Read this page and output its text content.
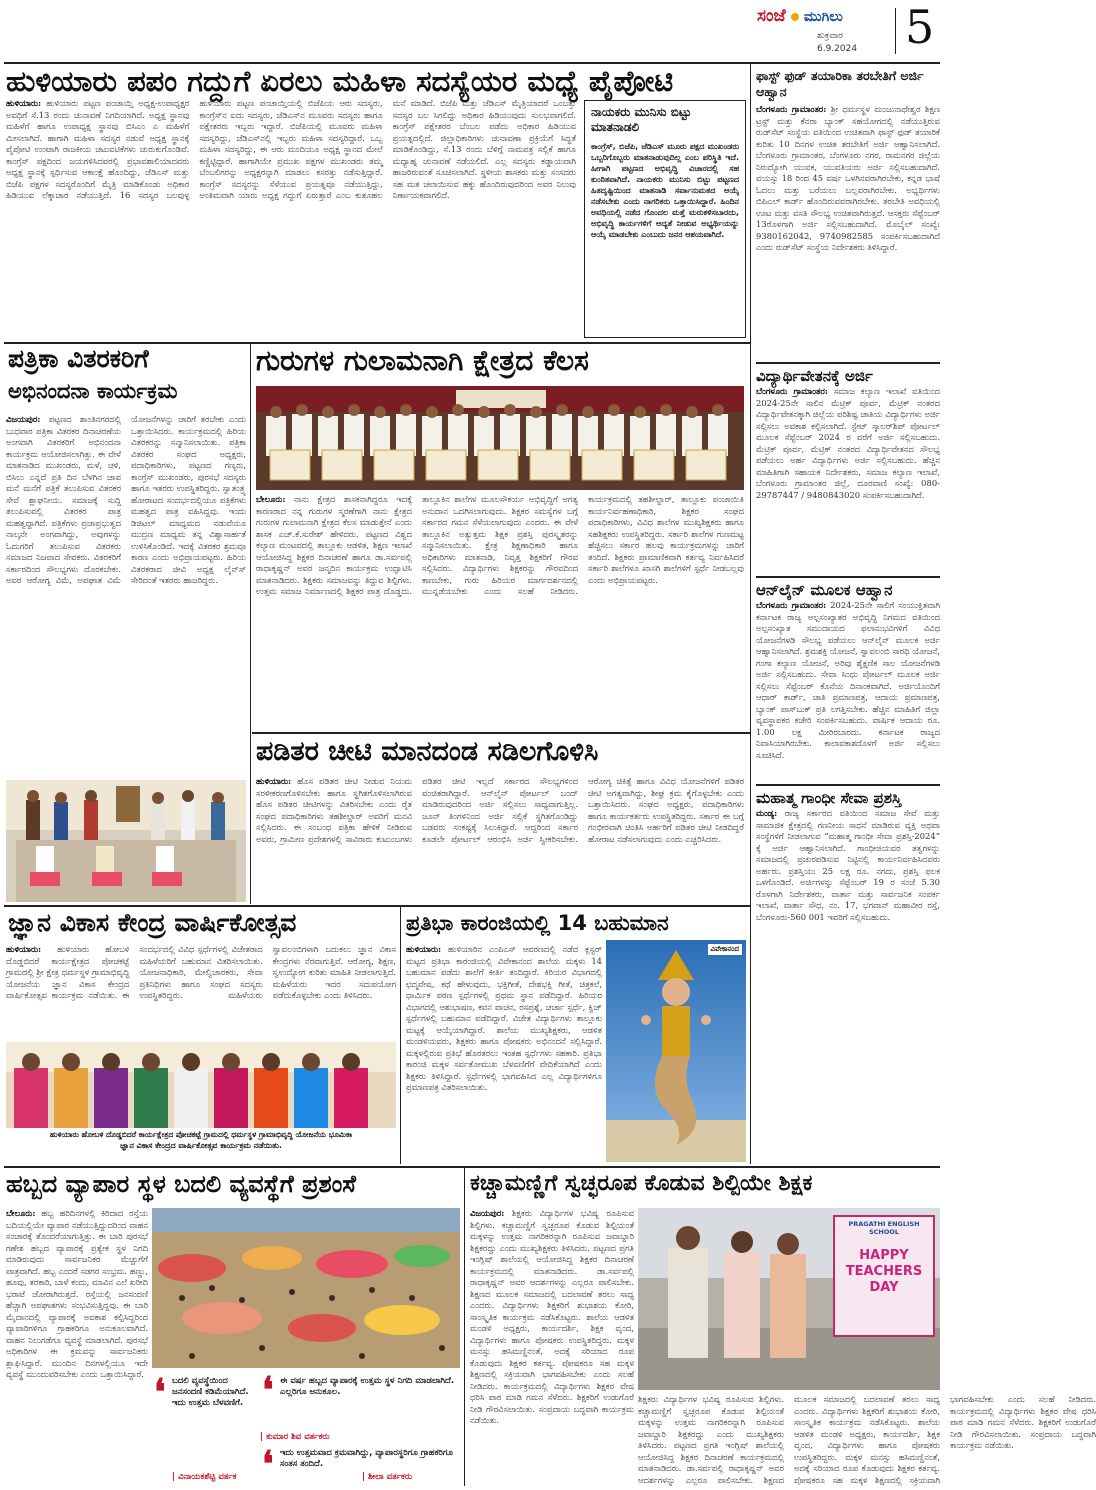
ಸಂಜೆ ಮುಗಿಲು
ಶುಕ್ರವಾರ
6.9.2024 5
ಹುಳಿಯಾರು ಪಪಂ ಗದ್ದುಗೆ ಏರಲು ಮಹಿಳಾ ಸದಸ್ಯೆಯರ ಮಧ್ಯೆ ಪೈಪೋಟಿ
ಹುಳಿಯಾರು: ಹುಳಿಯಾರು ಪಟ್ಟಣ ಪಂಚಾಯ್ತಿ ಅಧ್ಯಕ್ಷ-ಉಪಾಧ್ಯಕ್ಷರ ಅವಧಿಗೆ ಸೆ.13 ರಂದು ಚುನಾವಣೆ ನಿಗದಿಯಾಗಿದೆ. ಅಧ್ಯಕ್ಷ ಸ್ಥಾನವು ಮಹಿಳೆಗೆ ಹಾಗೂ ಉಪಾಧ್ಯಕ್ಷ ಸ್ಥಾನವು ಬಿಸಿಎಂ ಎ ಮಹಿಳೆಗೆ ಮೀಸಲಾಗಿದೆ. ಹಾಗಾಗಿ ಮಹಿಳಾ ಸದಸ್ಯರ ನಡುವೆ ಅಧ್ಯಕ್ಷ ಸ್ಥಾನಕ್ಕೆ ಪೈಪೋಟಿ ಉಂಟಾಗಿ ರಾಜಕೀಯ ಚಟುವಟಿಕೆಗಳು ಚುರುಕುಗೊಂಡಿವೆ. ಕಾಂಗ್ರೆಸ್ ಪಕ್ಷದಿಂದ ಜಯಗಳಿಸಿದವರಲ್ಲಿ ಪ್ರಭಾವಶಾಲಿಯಾದವರು ಅಧ್ಯಕ್ಷ ಸ್ಥಾನಕ್ಕೆ ಸ್ಪರ್ಧಿಸುವ ಆಕಾಂಕ್ಷೆ ಹೊಂದಿದ್ದು, ಜೆಡಿಎಸ್ ಮತ್ತು ಬಿಜೆಪಿ ಪಕ್ಷಗಳ ಸದಸ್ಯರೊಂದಿಗೆ ಮೈತ್ರಿ ಮಾಡಿಕೊಂಡು ಅಧಿಕಾರ ಹಿಡಿಯುವ ಲೆಕ್ಕಾಚಾರ ನಡೆಯುತ್ತಿದೆ. 16 ಸದಸ್ಯರ ಬಲವುಳ್ಳ ಹುಳಿಯಾರು ಪಟ್ಟಣ ಪಂಚಾಯ್ತಿಯಲ್ಲಿ ಬಿಜೆಪಿಯ ಆರು ಸದಸ್ಯರು, ಕಾಂಗ್ರೆಸ್‌ನ ಐದು ಸದಸ್ಯರು, ಜೆಡಿಎಸ್‌ನ ಮೂವರು ಸದಸ್ಯರು ಹಾಗೂ ಪಕ್ಷೇತರರು ಇಬ್ಬರು ಇದ್ದಾರೆ. ಬಿಜೆಪಿಯಲ್ಲಿ ಮೂವರು ಮಹಿಳಾ ಸದಸ್ಯರಿದ್ದು, ಜೆಡಿಎಸ್‌ನಲ್ಲಿ ಇಬ್ಬರು ಮಹಿಳಾ ಸದಸ್ಯರಿದ್ದಾರೆ. ಒಬ್ಬ ಮಹಿಳಾ ಸದಸ್ಯರಿದ್ದು, ಈ ಆರು ಮಂದಿಯೂ ಅಧ್ಯಕ್ಷ ಸ್ಥಾನದ ಮೇಲೆ ಕಣ್ಣಿಟ್ಟಿದ್ದಾರೆ. ಹಾಗಾಗಿಯೇ ಪ್ರಮುಖ ಪಕ್ಷಗಳ ಮುಖಂಡರು ತಮ್ಮ ಬೆಂಬಲಿಗರನ್ನು ಅಧ್ಯಕ್ಷರನ್ನಾಗಿ ಮಾಡಲು ಕಸರತ್ತು ನಡೆಸುತ್ತಿದ್ದಾರೆ. ಕಾಂಗ್ರೆಸ್ ಸದಸ್ಯರನ್ನು ಸೆಳೆಯುವ ಪ್ರಯತ್ನವೂ ನಡೆಯುತ್ತಿದ್ದು, ಅಂತಿಮವಾಗಿ ಯಾರು ಅಧ್ಯಕ್ಷ ಗದ್ದುಗೆ ಏರುತ್ತಾರೆ ಎಂಬ ಕುತೂಹಲ ಮನೆ ಮಾಡಿದೆ. ಬಿಜೆಪಿ ಮತ್ತು ಜೆಡಿಎಸ್ ಮೈತ್ರಿಯಾದರೆ ಒಂಬತ್ತು ಸದಸ್ಯರ ಬಲ ಸಿಗಲಿದ್ದು ಅಧಿಕಾರ ಹಿಡಿಯುವುದು ಸುಲಭವಾಗಲಿದೆ. ಕಾಂಗ್ರೆಸ್ ಪಕ್ಷೇತರರ ಬೆಂಬಲ ಪಡೆದು ಅಧಿಕಾರ ಹಿಡಿಯುವ ಪ್ರಯತ್ನದಲ್ಲಿದೆ. ಜಿಲ್ಲಾಧಿಕಾರಿಗಳು ಚುನಾವಣಾ ಪ್ರಕ್ರಿಯೆಗೆ ಸಿದ್ಧತೆ ಮಾಡಿಕೊಂಡಿದ್ದು, ಸೆ.13 ರಂದು ಬೆಳಿಗ್ಗೆ ನಾಮಪತ್ರ ಸಲ್ಲಿಕೆ ಹಾಗೂ ಮಧ್ಯಾಹ್ನ ಚುನಾವಣೆ ನಡೆಯಲಿದೆ. ಎಲ್ಲ ಸದಸ್ಯರು ಕಡ್ಡಾಯವಾಗಿ ಹಾಜರಿರುವಂತೆ ಸೂಚಿಸಲಾಗಿದೆ. ಸ್ಥಳೀಯ ಶಾಸಕರು ಮತ್ತು ಸಂಸದರು ಸಹ ಮತ ಚಲಾಯಿಸುವ ಹಕ್ಕು ಹೊಂದಿರುವುದರಿಂದ ಅವರ ನಿಲುವು ನಿರ್ಣಾಯಕವಾಗಲಿದೆ.
ನಾಯಕರು ಮುನಿಸು ಬಿಟ್ಟು ಮಾತನಾಡಲಿ
ಕಾಂಗ್ರೆಸ್, ಬಿಜೆಪಿ, ಜೆಡಿಎಸ್ ಮೂರು ಪಕ್ಷದ ಮುಖಂಡರು ಒಬ್ಬರಿಗೊಬ್ಬರು ಮಾತನಾಡುವುದಿಲ್ಲ ಎಂಬ ಪರಿಸ್ಥಿತಿ ಇದೆ. ಹೀಗಾಗಿ ಪಟ್ಟಣದ ಅಭಿವೃದ್ಧಿ ವಿಚಾರದಲ್ಲಿ ಸಹ ಕುಂಠಿತವಾಗಿದೆ. ನಾಯಕರು ಮುನಿಸು ಬಿಟ್ಟು ಪಟ್ಟಣದ ಹಿತದೃಷ್ಟಿಯಿಂದ ಮಾತನಾಡಿ ಸರ್ವಾನುಮತದ ಆಯ್ಕೆ ನಡೆಸಬೇಕು ಎಂದು ನಾಗರಿಕರು ಒತ್ತಾಯಿಸಿದ್ದಾರೆ. ಹಿಂದಿನ ಅವಧಿಯಲ್ಲಿ ನಡೆದ ಗೊಂದಲ ಮತ್ತೆ ಮರುಕಳಿಸಬಾರದು, ಅಭಿವೃದ್ಧಿ ಕಾರ್ಯಗಳಿಗೆ ಆದ್ಯತೆ ನೀಡುವ ಅಭ್ಯರ್ಥಿಯನ್ನು ಆಯ್ಕೆ ಮಾಡಬೇಕು ಎಂಬುದು ಜನರ ಆಶಯವಾಗಿದೆ.
ಫಾಸ್ಟ್ ಫುಡ್ ತಯಾರಿಕಾ ತರಬೇತಿಗೆ ಅರ್ಜಿ ಆಹ್ವಾನ
ಬೆಂಗಳೂರು ಗ್ರಾಮಾಂತರ: ಶ್ರೀ ಧರ್ಮಸ್ಥಳ ಮಂಜುನಾಥೇಶ್ವರ ಶಿಕ್ಷಣ ಟ್ರಸ್ಟ್ ಮತ್ತು ಕೆನರಾ ಬ್ಯಾಂಕ್ ಸಹಯೋಗದಲ್ಲಿ ನಡೆಯುತ್ತಿರುವ ರುಡ್‌ಸೆಟ್ ಸಂಸ್ಥೆಯ ವತಿಯಿಂದ ಉಚಿತವಾಗಿ ಫಾಸ್ಟ್ ಫುಡ್ ತಯಾರಿಕೆ ಕುರಿತು 10 ದಿನಗಳ ಉಚಿತ ತರಬೇತಿಗೆ ಅರ್ಜಿ ಆಹ್ವಾನಿಸಲಾಗಿದೆ. ಬೆಂಗಳೂರು ಗ್ರಾಮಾಂತರ, ಬೆಂಗಳೂರು ನಗರ, ರಾಮನಗರ ಜಿಲ್ಲೆಯ ನಿರುದ್ಯೋಗಿ ಯುವಕ, ಯುವತಿಯರು ಅರ್ಜಿ ಸಲ್ಲಿಸಬಹುದಾಗಿದೆ. ವಯಸ್ಸು 18 ರಿಂದ 45 ವರ್ಷ ಒಳಗಿನವರಾಗಿರಬೇಕು, ಕನ್ನಡ ಭಾಷೆ ಓದಲು ಮತ್ತು ಬರೆಯಲು ಬಲ್ಲವರಾಗಿರಬೇಕು. ಅಭ್ಯರ್ಥಿಗಳು ಬಿಪಿಎಲ್ ಕಾರ್ಡ್ ಹೊಂದಿರುವವರಾಗಿರಬೇಕು. ತರಬೇತಿ ಅವಧಿಯಲ್ಲಿ ಊಟ ಮತ್ತು ವಸತಿ ಸೌಲಭ್ಯ ಉಚಿತವಾಗಿರುತ್ತದೆ. ಆಸಕ್ತರು ಸೆಪ್ಟೆಂಬರ್ 13ರೊಳಗಾಗಿ ಅರ್ಜಿ ಸಲ್ಲಿಸಬಹುದಾಗಿದೆ. ಮೊಬೈಲ್ ಸಂಖ್ಯೆ: 9380162042, 9740982585 ಸಂಪರ್ಕಿಸಬಹುದಾಗಿದೆ ಎಂದು ರುಡ್‌ಸೆಟ್ ಸಂಸ್ಥೆಯ ನಿರ್ದೇಶಕರು ತಿಳಿಸಿದ್ದಾರೆ.
ವಿದ್ಯಾರ್ಥಿವೇತನಕ್ಕೆ ಅರ್ಜಿ
ಬೆಂಗಳೂರು ಗ್ರಾಮಾಂತರ: ಸಮಾಜ ಕಲ್ಯಾಣ ಇಲಾಖೆ ವತಿಯಿಂದ 2024-25ನೇ ಸಾಲಿನ ಮೆಟ್ರಿಕ್ ಪೂರ್ವ, ಮೆಟ್ರಿಕ್ ನಂತರದ ವಿದ್ಯಾರ್ಥಿವೇತನಕ್ಕಾಗಿ ಜಿಲ್ಲೆಯ ಪರಿಶಿಷ್ಟ ಜಾತಿಯ ವಿದ್ಯಾರ್ಥಿಗಳು ಅರ್ಜಿ ಸಲ್ಲಿಸಲು ಅವಕಾಶ ಕಲ್ಪಿಸಲಾಗಿದೆ. ಸ್ಟೇಟ್ ಸ್ಕಾಲರ್‌ಶಿಪ್ ಪೋರ್ಟಲ್ ಮೂಲಕ ಸೆಪ್ಟೆಂಬರ್ 2024 ರ ವರೆಗೆ ಅರ್ಜಿ ಸಲ್ಲಿಸಬಹುದು. ಮೆಟ್ರಿಕ್ ಪೂರ್ವ, ಮೆಟ್ರಿಕ್ ನಂತರದ ವಿದ್ಯಾರ್ಥಿವೇತನದ ಸೌಲಭ್ಯ ಪಡೆಯಲು ಅರ್ಹ ವಿದ್ಯಾರ್ಥಿಗಳು ಅರ್ಜಿ ಸಲ್ಲಿಸಬಹುದು. ಹೆಚ್ಚಿನ ಮಾಹಿತಿಗಾಗಿ ಸಹಾಯಕ ನಿರ್ದೇಶಕರು, ಸಮಾಜ ಕಲ್ಯಾಣ ಇಲಾಖೆ, ಬೆಂಗಳೂರು ಗ್ರಾಮಾಂತರ ಜಿಲ್ಲೆ, ದೂರವಾಣಿ ಸಂಖ್ಯೆ: 080-29787447 / 9480843020 ಸಂಪರ್ಕಿಸಬಹುದಾಗಿದೆ.
ಆನ್‌ಲೈನ್ ಮೂಲಕ ಆಹ್ವಾನ
ಬೆಂಗಳೂರು ಗ್ರಾಮಾಂತರ: 2024-25ನೇ ಸಾಲಿಗೆ ಸಂಯುಕ್ತಿತವಾಗಿ ಕರ್ನಾಟಕ ರಾಜ್ಯ ಅಲ್ಪಸಂಖ್ಯಾತರ ಅಭಿವೃದ್ಧಿ ನಿಗಮದ ವತಿಯಿಂದ ಅಲ್ಪಸಂಖ್ಯಾತ ಸಮುದಾಯದ ಫಲಾನುಭವಿಗಳಿಗೆ ವಿವಿಧ ಯೋಜನೆಗಳಡಿ ಸೌಲಭ್ಯ ಪಡೆಯಲು ಆನ್‌ಲೈನ್ ಮೂಲಕ ಅರ್ಜಿ ಆಹ್ವಾನಿಸಲಾಗಿದೆ. ಶ್ರಮಶಕ್ತಿ ಯೋಜನೆ, ಸ್ವಾವಲಂಬಿ ಸಾರಥಿ ಯೋಜನೆ, ಗಂಗಾ ಕಲ್ಯಾಣ ಯೋಜನೆ, ಅರಿವು ಶೈಕ್ಷಣಿಕ ಸಾಲ ಯೋಜನೆಗಳಡಿ ಅರ್ಜಿ ಸಲ್ಲಿಸಬಹುದು. ಸೇವಾ ಸಿಂಧು ಪೋರ್ಟಲ್ ಮೂಲಕ ಅರ್ಜಿ ಸಲ್ಲಿಸಲು ಸೆಪ್ಟೆಂಬರ್ ಕೊನೆಯ ದಿನಾಂಕವಾಗಿದೆ. ಅರ್ಜಿಯೊಂದಿಗೆ ಆಧಾರ್ ಕಾರ್ಡ್, ಜಾತಿ ಪ್ರಮಾಣಪತ್ರ, ಆದಾಯ ಪ್ರಮಾಣಪತ್ರ, ಬ್ಯಾಂಕ್ ಪಾಸ್‌ಬುಕ್ ಪ್ರತಿ ಲಗತ್ತಿಸಬೇಕು. ಹೆಚ್ಚಿನ ಮಾಹಿತಿಗೆ ಜಿಲ್ಲಾ ವ್ಯವಸ್ಥಾಪಕರ ಕಚೇರಿ ಸಂಪರ್ಕಿಸಬಹುದು. ವಾರ್ಷಿಕ ಆದಾಯ ರೂ. 1.00 ಲಕ್ಷ ಮೀರಿರಬಾರದು. ಕರ್ನಾಟಕ ರಾಜ್ಯದ ನಿವಾಸಿಯಾಗಿರಬೇಕು. ಕಾಲಾವಕಾಶದೊಳಗೆ ಅರ್ಜಿ ಸಲ್ಲಿಸಲು ಸೂಚಿಸಿದೆ.
ಮಹಾತ್ಮ ಗಾಂಧೀ ಸೇವಾ ಪ್ರಶಸ್ತಿ
ಮಂಡ್ಯ: ರಾಜ್ಯ ಸರ್ಕಾರದ ವತಿಯಿಂದ ಸಮಾಜ ಸೇವೆ ಮತ್ತು ಸಾಮಾಜಿಕ ಕ್ಷೇತ್ರದಲ್ಲಿ ಗಣನೀಯ ಸಾಧನೆ ಮಾಡಿರುವ ವ್ಯಕ್ತಿ ಅಥವಾ ಸಂಸ್ಥೆಗಳಿಗೆ ನೀಡಲಾಗುವ “ಮಹಾತ್ಮ ಗಾಂಧೀ ಸೇವಾ ಪ್ರಶಸ್ತಿ-2024” ಕ್ಕೆ ಅರ್ಜಿ ಆಹ್ವಾನಿಸಲಾಗಿದೆ. ಗಾಂಧೀಜಿಯವರ ತತ್ವಗಳನ್ನು ಸಮಾಜದಲ್ಲಿ ಪ್ರಚುರಪಡಿಸುವ ನಿಟ್ಟಿನಲ್ಲಿ ಕಾರ್ಯನಿರ್ವಹಿಸಿದವರು ಅರ್ಹರು. ಪ್ರಶಸ್ತಿಯು 25 ಲಕ್ಷ ರೂ. ನಗದು, ಪ್ರಶಸ್ತಿ ಫಲಕ ಒಳಗೊಂಡಿದೆ. ಅರ್ಜಿಗಳನ್ನು ಸೆಪ್ಟೆಂಬರ್ 19 ರ ಸಂಜೆ 5.30 ರೊಳಗಾಗಿ ನಿರ್ದೇಶಕರು, ವಾರ್ತಾ ಮತ್ತು ಸಾರ್ವಜನಿಕ ಸಂಪರ್ಕ ಇಲಾಖೆ, ವಾರ್ತಾ ಸೌಧ, ನಂ. 17, ಭಗವಾನ್ ಮಹಾವೀರ ರಸ್ತೆ, ಬೆಂಗಳೂರು-560 001 ಇವರಿಗೆ ಸಲ್ಲಿಸಬಹುದು.
ಪತ್ರಿಕಾ ವಿತರಕರಿಗೆ
ಅಭಿನಂದನಾ ಕಾರ್ಯಕ್ರಮ
ವಿಜಯಪುರ: ಪಟ್ಟಣದ ಶಾಂತಿನಗರದಲ್ಲಿ ಬುಧವಾರ ಪತ್ರಿಕಾ ವಿತರಕರ ದಿನಾಚರಣೆಯ ಅಂಗವಾಗಿ ವಿತರಕರಿಗೆ ಅಭಿನಂದನಾ ಕಾರ್ಯಕ್ರಮ ಆಯೋಜಿಸಲಾಗಿತ್ತು. ಈ ವೇಳೆ ಮಾತನಾಡಿದ ಮುಖಂಡರು, ಮಳೆ, ಚಳಿ, ಬಿಸಿಲು ಎನ್ನದೆ ಪ್ರತಿ ದಿನ ಬೆಳಗಿನ ಜಾವ ಮನೆ ಮನೆಗೆ ಪತ್ರಿಕೆ ತಲುಪಿಸುವ ವಿತರಕರ ಸೇವೆ ಶ್ಲಾಘನೀಯ. ಸಮಾಜಕ್ಕೆ ಸುದ್ದಿ ತಲುಪಿಸುವಲ್ಲಿ ವಿತರಕರ ಪಾತ್ರ ಮಹತ್ವದ್ದಾಗಿದೆ. ಪತ್ರಿಕೆಗಳು ಪ್ರಜಾಪ್ರಭುತ್ವದ ನಾಲ್ಕನೇ ಅಂಗವಾಗಿದ್ದು, ಅವುಗಳನ್ನು ಓದುಗರಿಗೆ ತಲುಪಿಸುವ ವಿತರಕರು ಸಮಾಜದ ನಿಜವಾದ ಸೇವಕರು. ವಿತರಕರಿಗೆ ಸರ್ಕಾರದಿಂದ ಸೌಲಭ್ಯಗಳು ದೊರಕಬೇಕು. ಅವರ ಆರೋಗ್ಯ ವಿಮೆ, ಅಪಘಾತ ವಿಮೆ ಯೋಜನೆಗಳನ್ನು ಜಾರಿಗೆ ತರಬೇಕು ಎಂದು ಒತ್ತಾಯಿಸಿದರು. ಕಾರ್ಯಕ್ರಮದಲ್ಲಿ ಹಿರಿಯ ವಿತರಕರನ್ನು ಸನ್ಮಾನಿಸಲಾಯಿತು. ಪತ್ರಿಕಾ ವಿತರಕರ ಸಂಘದ ಅಧ್ಯಕ್ಷರು, ಪದಾಧಿಕಾರಿಗಳು, ಪಟ್ಟಣದ ಗಣ್ಯರು, ಕಾಂಗ್ರೆಸ್ ಮುಖಂಡರು, ಪುರಸಭೆ ಸದಸ್ಯರು ಹಾಗೂ ಇತರರು ಉಪಸ್ಥಿತರಿದ್ದರು. ಸ್ವಾತಂತ್ರ್ಯ ಹೋರಾಟದ ಸಂದರ್ಭದಲ್ಲಿಯೂ ಪತ್ರಿಕೆಗಳು ಮಹತ್ವದ ಪಾತ್ರ ವಹಿಸಿದ್ದವು. ಇಂದು ಡಿಜಿಟಲ್ ಮಾಧ್ಯಮದ ನಡುವೆಯೂ ಮುದ್ರಣ ಮಾಧ್ಯಮ ತನ್ನ ವಿಶ್ವಾಸಾರ್ಹತೆ ಉಳಿಸಿಕೊಂಡಿದೆ. ಇದಕ್ಕೆ ವಿತರಕರ ಶ್ರಮವೂ ಕಾರಣ ಎಂದು ಅಭಿಪ್ರಾಯಪಟ್ಟರು. ಹಿರಿಯ ವಿತರಕರಾದ ಜೀವಿ ಅಧ್ಯಕ್ಷ ಲೈನ್‌ಸ್ ಸೇರಿದಂತೆ ಇತರರು ಹಾಜರಿದ್ದರು.
ಗುರುಗಳ ಗುಲಾಮನಾಗಿ ಕ್ಷೇತ್ರದ ಕೆಲಸ
ಬೇಲೂರು: ನಾನು ಕ್ಷೇತ್ರದ ಶಾಸಕನಾಗಿದ್ದರೂ ಇದಕ್ಕೆ ಕಾರಣರಾದ ನನ್ನ ಗುರುಗಳ ಸ್ಮರಣೆಗಾಗಿ ನಾನು ಕ್ಷೇತ್ರದ ಗುರುಗಳ ಗುಲಾಮನಾಗಿ ಕ್ಷೇತ್ರದ ಕೆಲಸ ಮಾಡುತ್ತೇನೆ ಎಂದು ಶಾಸಕ ಎಚ್.ಕೆ.ಸುರೇಶ್ ಹೇಳಿದರು. ಪಟ್ಟಣದ ವಿಶ್ವದ ಕಲ್ಯಾಣ ಮಂಟಪದಲ್ಲಿ ತಾಲ್ಲೂಕು ಆಡಳಿತ, ಶಿಕ್ಷಣ ಇಲಾಖೆ ಆಯೋಜಿಸಿದ್ದ ಶಿಕ್ಷಕರ ದಿನಾಚರಣೆ ಹಾಗೂ ಡಾ.ಸರ್ವಪಲ್ಲಿ ರಾಧಾಕೃಷ್ಣನ್ ಅವರ ಜನ್ಮದಿನ ಕಾರ್ಯಕ್ರಮ ಉದ್ಘಾಟಿಸಿ ಮಾತನಾಡಿದರು. ಶಿಕ್ಷಕರು ಸಮಾಜವನ್ನು ತಿದ್ದುವ ಶಿಲ್ಪಿಗಳು. ಉತ್ತಮ ಸಮಾಜ ನಿರ್ಮಾಣದಲ್ಲಿ ಶಿಕ್ಷಕರ ಪಾತ್ರ ದೊಡ್ಡದು. ತಾಲ್ಲೂಕಿನ ಶಾಲೆಗಳ ಮೂಲಸೌಕರ್ಯ ಅಭಿವೃದ್ಧಿಗೆ ಅಗತ್ಯ ಅನುದಾನ ಒದಗಿಸಲಾಗುವುದು. ಶಿಕ್ಷಕರ ಸಮಸ್ಯೆಗಳ ಬಗ್ಗೆ ಸರ್ಕಾರದ ಗಮನ ಸೆಳೆಯಲಾಗುವುದು ಎಂದರು. ಈ ವೇಳೆ ತಾಲ್ಲೂಕಿನ ಅತ್ಯುತ್ತಮ ಶಿಕ್ಷಕ ಪ್ರಶಸ್ತಿ ಪುರಸ್ಕೃತರನ್ನು ಸನ್ಮಾನಿಸಲಾಯಿತು. ಕ್ಷೇತ್ರ ಶಿಕ್ಷಣಾಧಿಕಾರಿ ಹಾಗೂ ಅಧಿಕಾರಿಗಳು ಮಾತನಾಡಿ, ನಿವೃತ್ತ ಶಿಕ್ಷಕರಿಗೆ ಗೌರವ ಸಲ್ಲಿಸಿದರು. ವಿದ್ಯಾರ್ಥಿಗಳು ಶಿಕ್ಷಕರನ್ನು ಗೌರವದಿಂದ ಕಾಣಬೇಕು, ಗುರು ಹಿರಿಯರ ಮಾರ್ಗದರ್ಶನದಲ್ಲಿ ಮುನ್ನಡೆಯಬೇಕು ಎಂದು ಸಲಹೆ ನೀಡಿದರು. ಕಾರ್ಯಕ್ರಮದಲ್ಲಿ ತಹಶೀಲ್ದಾರ್, ತಾಲ್ಲೂಕು ಪಂಚಾಯಿತಿ ಕಾರ್ಯನಿರ್ವಹಣಾಧಿಕಾರಿ, ಶಿಕ್ಷಕರ ಸಂಘದ ಪದಾಧಿಕಾರಿಗಳು, ವಿವಿಧ ಶಾಲೆಗಳ ಮುಖ್ಯಶಿಕ್ಷಕರು ಹಾಗೂ ಸಹಶಿಕ್ಷಕರು ಉಪಸ್ಥಿತರಿದ್ದರು. ಸರ್ಕಾರಿ ಶಾಲೆಗಳ ಗುಣಮಟ್ಟ ಹೆಚ್ಚಿಸಲು ಸರ್ಕಾರ ಹಲವು ಕಾರ್ಯಕ್ರಮಗಳನ್ನು ಜಾರಿಗೆ ತಂದಿದೆ. ಶಿಕ್ಷಕರು ಪ್ರಾಮಾಣಿಕವಾಗಿ ಕರ್ತವ್ಯ ನಿರ್ವಹಿಸಿದರೆ ಸರ್ಕಾರಿ ಶಾಲೆಗಳೂ ಖಾಸಗಿ ಶಾಲೆಗಳಿಗೆ ಸ್ಪರ್ಧೆ ನೀಡಬಲ್ಲವು ಎಂದು ಅಭಿಪ್ರಾಯಪಟ್ಟರು.
ಪಡಿತರ ಚೀಟಿ ಮಾನದಂಡ ಸಡಿಲಗೊಳಿಸಿ
ಹುಳಿಯಾರು: ಹೊಸ ಪಡಿತರ ಚೀಟಿ ನೀಡುವ ನಿಯಮ ಸರಳೀಕರಣಗೊಳಿಸಬೇಕು ಹಾಗೂ ಸ್ಥಗಿತಗೊಳಿಸಲಾಗಿರುವ ಹೊಸ ಪಡಿತರ ಚೀಟಿಗಳನ್ನು ವಿತರಿಸಬೇಕು ಎಂದು ರೈತ ಸಂಘದ ಪದಾಧಿಕಾರಿಗಳು ತಹಶೀಲ್ದಾರ್ ಅವರಿಗೆ ಮನವಿ ಸಲ್ಲಿಸಿದರು. ಈ ಸಂಬಂಧ ಪತ್ರಿಕಾ ಹೇಳಿಕೆ ನೀಡಿರುವ ಅವರು, ಗ್ರಾಮೀಣ ಪ್ರದೇಶಗಳಲ್ಲಿ ಸಾವಿರಾರು ಕುಟುಂಬಗಳು ಪಡಿತರ ಚೀಟಿ ಇಲ್ಲದೆ ಸರ್ಕಾರದ ಸೌಲಭ್ಯಗಳಿಂದ ವಂಚಿತರಾಗಿದ್ದಾರೆ. ಆನ್‌ಲೈನ್ ಪೋರ್ಟಲ್ ಬಂದ್ ಮಾಡಿರುವುದರಿಂದ ಅರ್ಜಿ ಸಲ್ಲಿಸಲು ಸಾಧ್ಯವಾಗುತ್ತಿಲ್ಲ. ಜೂನ್ ತಿಂಗಳಿನಿಂದ ಅರ್ಜಿ ಸಲ್ಲಿಕೆ ಸ್ಥಗಿತಗೊಂಡಿದ್ದು ಬಡವರು ಸಂಕಷ್ಟಕ್ಕೆ ಸಿಲುಕಿದ್ದಾರೆ. ಆದ್ದರಿಂದ ಸರ್ಕಾರ ಕೂಡಲೇ ಪೋರ್ಟಲ್ ಆರಂಭಿಸಿ ಅರ್ಜಿ ಸ್ವೀಕರಿಸಬೇಕು. ಆರೋಗ್ಯ ಚಿಕಿತ್ಸೆ ಹಾಗೂ ವಿವಿಧ ಯೋಜನೆಗಳಿಗೆ ಪಡಿತರ ಚೀಟಿ ಅಗತ್ಯವಾಗಿದ್ದು, ಶೀಘ್ರ ಕ್ರಮ ಕೈಗೊಳ್ಳಬೇಕು ಎಂದು ಒತ್ತಾಯಿಸಿದರು. ಸಂಘದ ಅಧ್ಯಕ್ಷರು, ಪದಾಧಿಕಾರಿಗಳು ಹಾಗೂ ಕಾರ್ಯಕರ್ತರು ಉಪಸ್ಥಿತರಿದ್ದರು. ಸರ್ಕಾರ ಈ ಬಗ್ಗೆ ಗಂಭೀರವಾಗಿ ಚಿಂತಿಸಿ ಅರ್ಹರಿಗೆ ಪಡಿತರ ಚೀಟಿ ನೀಡದಿದ್ದರೆ ಹೋರಾಟ ನಡೆಸಲಾಗುವುದು ಎಂದು ಎಚ್ಚರಿಸಿದರು.
ಜ್ಞಾನ ವಿಕಾಸ ಕೇಂದ್ರ ವಾರ್ಷಿಕೋತ್ಸವ
ಹುಳಿಯಾರು: ಹುಳಿಯಾರು ಹೋಬಳಿ ದೊಡ್ಡಬಿದರೆ ಕಾರ್ಯಕ್ಷೇತ್ರದ ಪೋಚಕಟ್ಟೆ ಗ್ರಾಮದಲ್ಲಿ ಶ್ರೀ ಕ್ಷೇತ್ರ ಧರ್ಮಸ್ಥಳ ಗ್ರಾಮಾಭಿವೃದ್ಧಿ ಯೋಜನೆಯ ಜ್ಞಾನ ವಿಕಾಸ ಕೇಂದ್ರದ ವಾರ್ಷಿಕೋತ್ಸವ ಕಾರ್ಯಕ್ರಮ ನಡೆಯಿತು. ಈ ಸಂದರ್ಭದಲ್ಲಿ ವಿವಿಧ ಸ್ಪರ್ಧೆಗಳಲ್ಲಿ ವಿಜೇತರಾದ ಮಹಿಳೆಯರಿಗೆ ಬಹುಮಾನ ವಿತರಿಸಲಾಯಿತು. ಯೋಜನಾಧಿಕಾರಿ, ಮೇಲ್ವಿಚಾರಕರು, ಸೇವಾ ಪ್ರತಿನಿಧಿಗಳು ಹಾಗೂ ಸಂಘದ ಸದಸ್ಯರು ಉಪಸ್ಥಿತರಿದ್ದರು. ಮಹಿಳೆಯರು ಸ್ವಾವಲಂಬಿಗಳಾಗಿ ಬದುಕಲು ಜ್ಞಾನ ವಿಕಾಸ ಕೇಂದ್ರಗಳು ನೆರವಾಗುತ್ತಿವೆ. ಆರೋಗ್ಯ, ಶಿಕ್ಷಣ, ಸ್ವಉದ್ಯೋಗ ಕುರಿತು ಮಾಹಿತಿ ನೀಡಲಾಗುತ್ತಿದೆ. ಮಹಿಳೆಯರು ಇದರ ಸದುಪಯೋಗ ಪಡೆದುಕೊಳ್ಳಬೇಕು ಎಂದು ತಿಳಿಸಿದರು.
ಹುಳಿಯಾರು ಹೋಬಳಿ ದೊಡ್ಡಬಿದರೆ ಕಾರ್ಯಕ್ಷೇತ್ರದ ಪೋಚಕಟ್ಟೆ ಗ್ರಾಮದಲ್ಲಿ ಧರ್ಮಸ್ಥಳ ಗ್ರಾಮಾಭಿವೃದ್ಧಿ ಯೋಜನೆಯ ಭೂಮಿಕಾ
ಜ್ಞಾನ ವಿಕಾಸ ಕೇಂದ್ರದ ವಾರ್ಷಿಕೋತ್ಸವ ಕಾರ್ಯಕ್ರಮ ನಡೆಯಿತು.
ಪ್ರತಿಭಾ ಕಾರಂಜಿಯಲ್ಲಿ 14 ಬಹುಮಾನ
ಹುಳಿಯಾರು: ಹುಳಿಯಾರಿನ ಎಂಪಿಎಸ್ ಆವರಣದಲ್ಲಿ ನಡೆದ ಕ್ಲಸ್ಟರ್ ಮಟ್ಟದ ಪ್ರತಿಭಾ ಕಾರಂಜಿಯಲ್ಲಿ ವಿವೇಕಾನಂದ ಶಾಲೆಯ ಮಕ್ಕಳು 14 ಬಹುಮಾನ ಪಡೆದು ಶಾಲೆಗೆ ಕೀರ್ತಿ ತಂದಿದ್ದಾರೆ. ಕಿರಿಯರ ವಿಭಾಗದಲ್ಲಿ ಛದ್ಮವೇಷ, ಕಥೆ ಹೇಳುವುದು, ಭಕ್ತಿಗೀತೆ, ದೇಶಭಕ್ತಿ ಗೀತೆ, ಚಿತ್ರಕಲೆ, ಧಾರ್ಮಿಕ ಪಠಣ ಸ್ಪರ್ಧೆಗಳಲ್ಲಿ ಪ್ರಥಮ ಸ್ಥಾನ ಪಡೆದಿದ್ದಾರೆ. ಹಿರಿಯರ ವಿಭಾಗದಲ್ಲಿ ಆಶುಭಾಷಣ, ಕವನ ವಾಚನ, ರಸಪ್ರಶ್ನೆ, ಚರ್ಚಾ ಸ್ಪರ್ಧೆ, ಕ್ವಿಜ್ ಸ್ಪರ್ಧೆಗಳಲ್ಲಿ ಬಹುಮಾನ ಪಡೆದಿದ್ದಾರೆ. ವಿಜೇತ ವಿದ್ಯಾರ್ಥಿಗಳು ತಾಲ್ಲೂಕು ಮಟ್ಟಕ್ಕೆ ಆಯ್ಕೆಯಾಗಿದ್ದಾರೆ. ಶಾಲೆಯ ಮುಖ್ಯಶಿಕ್ಷಕರು, ಆಡಳಿತ ಮಂಡಳಿಯವರು, ಶಿಕ್ಷಕರು ಹಾಗೂ ಪೋಷಕರು ಅಭಿನಂದನೆ ಸಲ್ಲಿಸಿದ್ದಾರೆ. ಮಕ್ಕಳಲ್ಲಿರುವ ಪ್ರತಿಭೆ ಹೊರತರಲು ಇಂತಹ ಸ್ಪರ್ಧೆಗಳು ಸಹಕಾರಿ. ಪ್ರತಿಭಾ ಕಾರಂಜಿ ಮಕ್ಕಳ ಸರ್ವತೋಮುಖ ಬೆಳವಣಿಗೆಗೆ ವೇದಿಕೆಯಾಗಿದೆ ಎಂದು ಶಿಕ್ಷಕರು ತಿಳಿಸಿದ್ದಾರೆ. ಸ್ಪರ್ಧೆಗಳಲ್ಲಿ ಭಾಗವಹಿಸಿದ ಎಲ್ಲ ವಿದ್ಯಾರ್ಥಿಗಳಿಗೂ ಪ್ರಮಾಣಪತ್ರ ವಿತರಿಸಲಾಯಿತು.
ವಿವೇಕಾನಂದ
ಹಬ್ಬದ ವ್ಯಾಪಾರ ಸ್ಥಳ ಬದಲಿ ವ್ಯವಸ್ಥೆಗೆ ಪ್ರಶಂಸೆ
ಬೇಲೂರು: ಹಬ್ಬ ಹರಿದಿನಗಳಲ್ಲಿ ಕಿರಿದಾದ ರಸ್ತೆಯ ಬದಿಯಲ್ಲಿಯೇ ವ್ಯಾಪಾರ ನಡೆಯುತ್ತಿದ್ದುದರಿಂದ ವಾಹನ ಸಂಚಾರಕ್ಕೆ ತೊಂದರೆಯಾಗುತ್ತಿತ್ತು. ಈ ಬಾರಿ ಪುರಸಭೆ ಗಣೇಶ ಹಬ್ಬದ ವ್ಯಾಪಾರಕ್ಕೆ ಪ್ರತ್ಯೇಕ ಸ್ಥಳ ನಿಗದಿ ಮಾಡಿರುವುದು ಸಾರ್ವಜನಿಕರ ಮೆಚ್ಚುಗೆಗೆ ಪಾತ್ರವಾಗಿದೆ. ಹಬ್ಬ ಎಂದರೆ ಸಡಗರ ಸಂಭ್ರಮ. ಹಣ್ಣು, ಹೂವು, ತರಕಾರಿ, ಬಾಳೆ ಕಂದು, ಮಾವಿನ ಎಲೆ ಖರೀದಿ ಭರಾಟೆ ಜೋರಾಗಿರುತ್ತದೆ. ರಸ್ತೆಯಲ್ಲಿ ಜನಸಂದಣಿ ಹೆಚ್ಚಾಗಿ ಅಪಘಾತಗಳು ಸಂಭವಿಸುತ್ತಿದ್ದವು. ಈ ಬಾರಿ ಮೈದಾನದಲ್ಲಿ ವ್ಯಾಪಾರಕ್ಕೆ ಅವಕಾಶ ಕಲ್ಪಿಸಿದ್ದರಿಂದ ವ್ಯಾಪಾರಿಗಳಿಗೂ ಗ್ರಾಹಕರಿಗೂ ಅನುಕೂಲವಾಗಿದೆ. ವಾಹನ ನಿಲುಗಡೆಗೂ ವ್ಯವಸ್ಥೆ ಮಾಡಲಾಗಿದೆ. ಪುರಸಭೆ ಅಧಿಕಾರಿಗಳ ಈ ಕ್ರಮವನ್ನು ಸಾರ್ವಜನಿಕರು ಶ್ಲಾಘಿಸಿದ್ದಾರೆ. ಮುಂದಿನ ದಿನಗಳಲ್ಲಿಯೂ ಇದೇ ವ್ಯವಸ್ಥೆ ಮುಂದುವರಿಸಬೇಕು ಎಂದು ಒತ್ತಾಯಿಸಿದ್ದಾರೆ. ❛ ಬದಲಿ ವ್ಯವಸ್ಥೆಯಿಂದ ಜನಸಂದಣಿ ಕಡಿಮೆಯಾಗಿದೆ. ಇದು ಉತ್ತಮ ಬೆಳವಣಿಗೆ.
| ಕುಮಾರ ಶಿವ ವರ್ತಕರು
❛ ಈ ವರ್ಷ ಹಬ್ಬದ ವ್ಯಾಪಾರಕ್ಕೆ ಉತ್ತಮ ಸ್ಥಳ ನಿಗದಿ ಮಾಡಲಾಗಿದೆ. ಎಲ್ಲರಿಗೂ ಅನುಕೂಲ.
| ವಿನಾಯಕಶೆಟ್ಟಿ ವರ್ತಕ ❛ ಇದು ಉತ್ತಮವಾದ ಕ್ರಮವಾಗಿದ್ದು, ವ್ಯಾಪಾರಸ್ಥರಿಗೂ ಗ್ರಾಹಕರಿಗೂ ಸಂತಸ ತಂದಿದೆ.
| ಶೀಲಾ ವರ್ತಕರು
ಕಚ್ಚಾಮಣ್ಣಿಗೆ ಸ್ವಚ್ಛರೂಪ ಕೊಡುವ ಶಿಲ್ಪಿಯೇ ಶಿಕ್ಷಕ
ವಿಜಯಪುರ: ಶಿಕ್ಷಕರು ವಿದ್ಯಾರ್ಥಿಗಳ ಭವಿಷ್ಯ ರೂಪಿಸುವ ಶಿಲ್ಪಿಗಳು. ಕಚ್ಚಾಮಣ್ಣಿಗೆ ಸ್ವಚ್ಛರೂಪ ಕೊಡುವ ಶಿಲ್ಪಿಯಂತೆ ಮಕ್ಕಳನ್ನು ಉತ್ತಮ ನಾಗರಿಕರನ್ನಾಗಿ ರೂಪಿಸುವ ಜವಾಬ್ದಾರಿ ಶಿಕ್ಷಕರದ್ದು ಎಂದು ಮುಖ್ಯಶಿಕ್ಷಕರು ತಿಳಿಸಿದರು. ಪಟ್ಟಣದ ಪ್ರಗತಿ ಇಂಗ್ಲಿಷ್ ಶಾಲೆಯಲ್ಲಿ ಆಯೋಜಿಸಿದ್ದ ಶಿಕ್ಷಕರ ದಿನಾಚರಣೆ ಕಾರ್ಯಕ್ರಮದಲ್ಲಿ ಮಾತನಾಡಿದರು. ಡಾ.ಸರ್ವಪಲ್ಲಿ ರಾಧಾಕೃಷ್ಣನ್ ಅವರ ಆದರ್ಶಗಳನ್ನು ಎಲ್ಲರೂ ಪಾಲಿಸಬೇಕು. ಶಿಕ್ಷಣದ ಮೂಲಕ ಸಮಾಜದಲ್ಲಿ ಬದಲಾವಣೆ ತರಲು ಸಾಧ್ಯ ಎಂದರು. ವಿದ್ಯಾರ್ಥಿಗಳು ಶಿಕ್ಷಕರಿಗೆ ಶುಭಾಶಯ ಕೋರಿ, ಸಾಂಸ್ಕೃತಿಕ ಕಾರ್ಯಕ್ರಮ ನಡೆಸಿಕೊಟ್ಟರು. ಶಾಲೆಯ ಆಡಳಿತ ಮಂಡಳಿ ಅಧ್ಯಕ್ಷರು, ಕಾರ್ಯದರ್ಶಿ, ಶಿಕ್ಷಕ ವೃಂದ, ವಿದ್ಯಾರ್ಥಿಗಳು ಹಾಗೂ ಪೋಷಕರು ಉಪಸ್ಥಿತರಿದ್ದರು. ಮಕ್ಕಳ ಮನಸ್ಸು ಹಸಿಮಣ್ಣಿನಂತೆ, ಅದಕ್ಕೆ ಸರಿಯಾದ ರೂಪ ಕೊಡುವುದು ಶಿಕ್ಷಕರ ಕರ್ತವ್ಯ. ಪೋಷಕರೂ ಸಹ ಮಕ್ಕಳ ಶಿಕ್ಷಣದಲ್ಲಿ ಸಕ್ರಿಯವಾಗಿ ಭಾಗವಹಿಸಬೇಕು ಎಂದು ಸಲಹೆ ನೀಡಿದರು. ಕಾರ್ಯಕ್ರಮದಲ್ಲಿ ವಿದ್ಯಾರ್ಥಿಗಳು ಶಿಕ್ಷಕರ ವೇಷ ಧರಿಸಿ ಪಾಠ ಮಾಡಿ ಗಮನ ಸೆಳೆದರು. ಶಿಕ್ಷಕರಿಗೆ ಉಡುಗೊರೆ ನೀಡಿ ಗೌರವಿಸಲಾಯಿತು. ಸಂಪ್ರದಾಯ ಬದ್ಧವಾಗಿ ಕಾರ್ಯಕ್ರಮ ನಡೆಯಿತು.
PRAGATHI ENGLISH SCHOOL
HAPPY TEACHERS DAY
ಶಿಕ್ಷಕರು ವಿದ್ಯಾರ್ಥಿಗಳ ಭವಿಷ್ಯ ರೂಪಿಸುವ ಶಿಲ್ಪಿಗಳು. ಕಚ್ಚಾಮಣ್ಣಿಗೆ ಸ್ವಚ್ಛರೂಪ ಕೊಡುವ ಶಿಲ್ಪಿಯಂತೆ ಮಕ್ಕಳನ್ನು ಉತ್ತಮ ನಾಗರಿಕರನ್ನಾಗಿ ರೂಪಿಸುವ ಜವಾಬ್ದಾರಿ ಶಿಕ್ಷಕರದ್ದು ಎಂದು ಮುಖ್ಯಶಿಕ್ಷಕರು ತಿಳಿಸಿದರು. ಪಟ್ಟಣದ ಪ್ರಗತಿ ಇಂಗ್ಲಿಷ್ ಶಾಲೆಯಲ್ಲಿ ಆಯೋಜಿಸಿದ್ದ ಶಿಕ್ಷಕರ ದಿನಾಚರಣೆ ಕಾರ್ಯಕ್ರಮದಲ್ಲಿ ಮಾತನಾಡಿದರು. ಡಾ.ಸರ್ವಪಲ್ಲಿ ರಾಧಾಕೃಷ್ಣನ್ ಅವರ ಆದರ್ಶಗಳನ್ನು ಎಲ್ಲರೂ ಪಾಲಿಸಬೇಕು. ಶಿಕ್ಷಣದ ಮೂಲಕ ಸಮಾಜದಲ್ಲಿ ಬದಲಾವಣೆ ತರಲು ಸಾಧ್ಯ ಎಂದರು. ವಿದ್ಯಾರ್ಥಿಗಳು ಶಿಕ್ಷಕರಿಗೆ ಶುಭಾಶಯ ಕೋರಿ, ಸಾಂಸ್ಕೃತಿಕ ಕಾರ್ಯಕ್ರಮ ನಡೆಸಿಕೊಟ್ಟರು. ಶಾಲೆಯ ಆಡಳಿತ ಮಂಡಳಿ ಅಧ್ಯಕ್ಷರು, ಕಾರ್ಯದರ್ಶಿ, ಶಿಕ್ಷಕ ವೃಂದ, ವಿದ್ಯಾರ್ಥಿಗಳು ಹಾಗೂ ಪೋಷಕರು ಉಪಸ್ಥಿತರಿದ್ದರು. ಮಕ್ಕಳ ಮನಸ್ಸು ಹಸಿಮಣ್ಣಿನಂತೆ, ಅದಕ್ಕೆ ಸರಿಯಾದ ರೂಪ ಕೊಡುವುದು ಶಿಕ್ಷಕರ ಕರ್ತವ್ಯ. ಪೋಷಕರೂ ಸಹ ಮಕ್ಕಳ ಶಿಕ್ಷಣದಲ್ಲಿ ಸಕ್ರಿಯವಾಗಿ ಭಾಗವಹಿಸಬೇಕು ಎಂದು ಸಲಹೆ ನೀಡಿದರು. ಕಾರ್ಯಕ್ರಮದಲ್ಲಿ ವಿದ್ಯಾರ್ಥಿಗಳು ಶಿಕ್ಷಕರ ವೇಷ ಧರಿಸಿ ಪಾಠ ಮಾಡಿ ಗಮನ ಸೆಳೆದರು. ಶಿಕ್ಷಕರಿಗೆ ಉಡುಗೊರೆ ನೀಡಿ ಗೌರವಿಸಲಾಯಿತು. ಸಂಪ್ರದಾಯ ಬದ್ಧವಾಗಿ ಕಾರ್ಯಕ್ರಮ ನಡೆಯಿತು.
